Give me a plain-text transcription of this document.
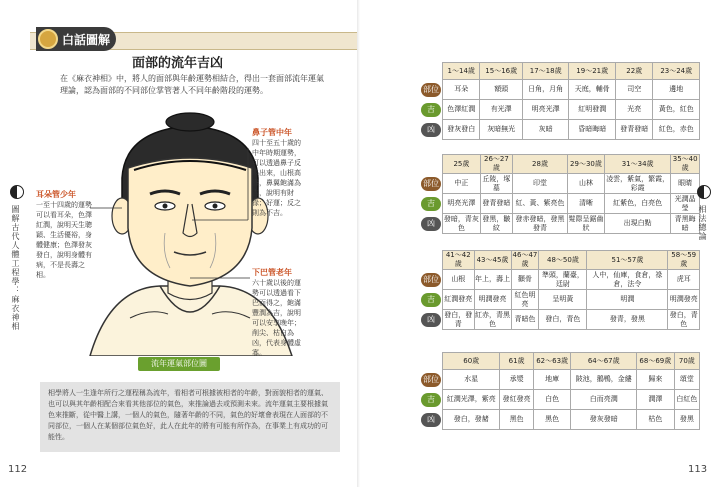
白話圖解
面部的流年吉凶
在《麻衣神相》中，將人的面部與年齡運勢相結合，得出一套面部流年運氣理論，認為面部的不同部位掌管著人不同年齡階段的運勢。
鼻子管中年
四十至五十歲的中年時期運勢，可以透過鼻子反映出來，山根高聳，鼻翼飽滿為吉，說明有財祿；好運；反之則為不吉。
耳朵管少年
一至十四歲的運勢可以看耳朵，色澤紅潤，說明天生聰穎、生活優裕，身體健康；色澤發灰發白，說明身體有病，不是長壽之相。	下巴管老年
六十歲以後的運勢可以透過看下巴而得之，飽滿豐潤為吉，說明可以安享晚年；削尖、枯白為凶，代表身體虛寡。
流年運氣部位圖
相學將人一生逢年所行之運程稱為流年，看相者可根據被相者的年齡，對面貌相者的運氣、也可以與其年齡相配合來看其他部位的氣色，來推論過去或預測未來。流年運氣主要根據氣色來推斷，從中醫上講，一個人的氣色，隨著年齡的不同，氣色的好壞會表現在人面部的不同部位，一個人在某個部位氣色好，此人在此年的將有可能有所作為，在事業上有成功的可能性。
112
圖解古代人體工程學：麻衣神相
	1～14歲	15～16歲	17～18歲	19～21歲	22歲	23～24歲

部位	耳朵	額頭	日角，月角	天庭，輔骨	司空	邊地

吉	色澤紅潤	有光澤	明亮光澤	紅明發潤	光亮	黃色，紅色

凶	發灰發白	灰暗無光	灰暗	昏暗晦暗	發青發暗	紅色，赤色
	25歲	26～27歲	28歲	29～30歲	31～34歲	35～40歲

部位	中正	丘陵，塚墓	印堂	山林	凌雲，紫氣，繁霞，彩霞	眼睛

吉	明亮光澤	發青發暗	紅、黃、紫亮色	清晰	紅紫色，白亮色	光潤晶瑩

凶	發暗，青灰色	發黑，皺紋	發赤發暗，發黑發青	髮際呈鋸齒狀	出現白點	青黑晦暗
	41～42歲	43～45歲	46～47歲	48～50歲	51～57歲	58～59歲

部位	山根	年上，壽上	顴骨	準頭，蘭臺，廷尉	人中，仙庫，食倉，祿倉，法令	虎耳

吉	紅潤發亮	明潤發亮	紅色明亮	呈明黃	明潤	明潤發亮

凶	發白，發青	紅赤，青黑色	青暗色	發白，青色	發青，發黑	發白，青色
	60歲	61歲	62～63歲	64～67歲	68～69歲	70歲

部位	水星	承漿	地庫	陂池，鵝鴨，金縷	歸來	頌堂

吉	紅潤光澤，紫亮	發紅發亮	白色	白而亮潤	潤澤	白紅色

凶	發白，發赭	黑色	黑色	發灰發暗	枯色	發黑
113
相法總論
